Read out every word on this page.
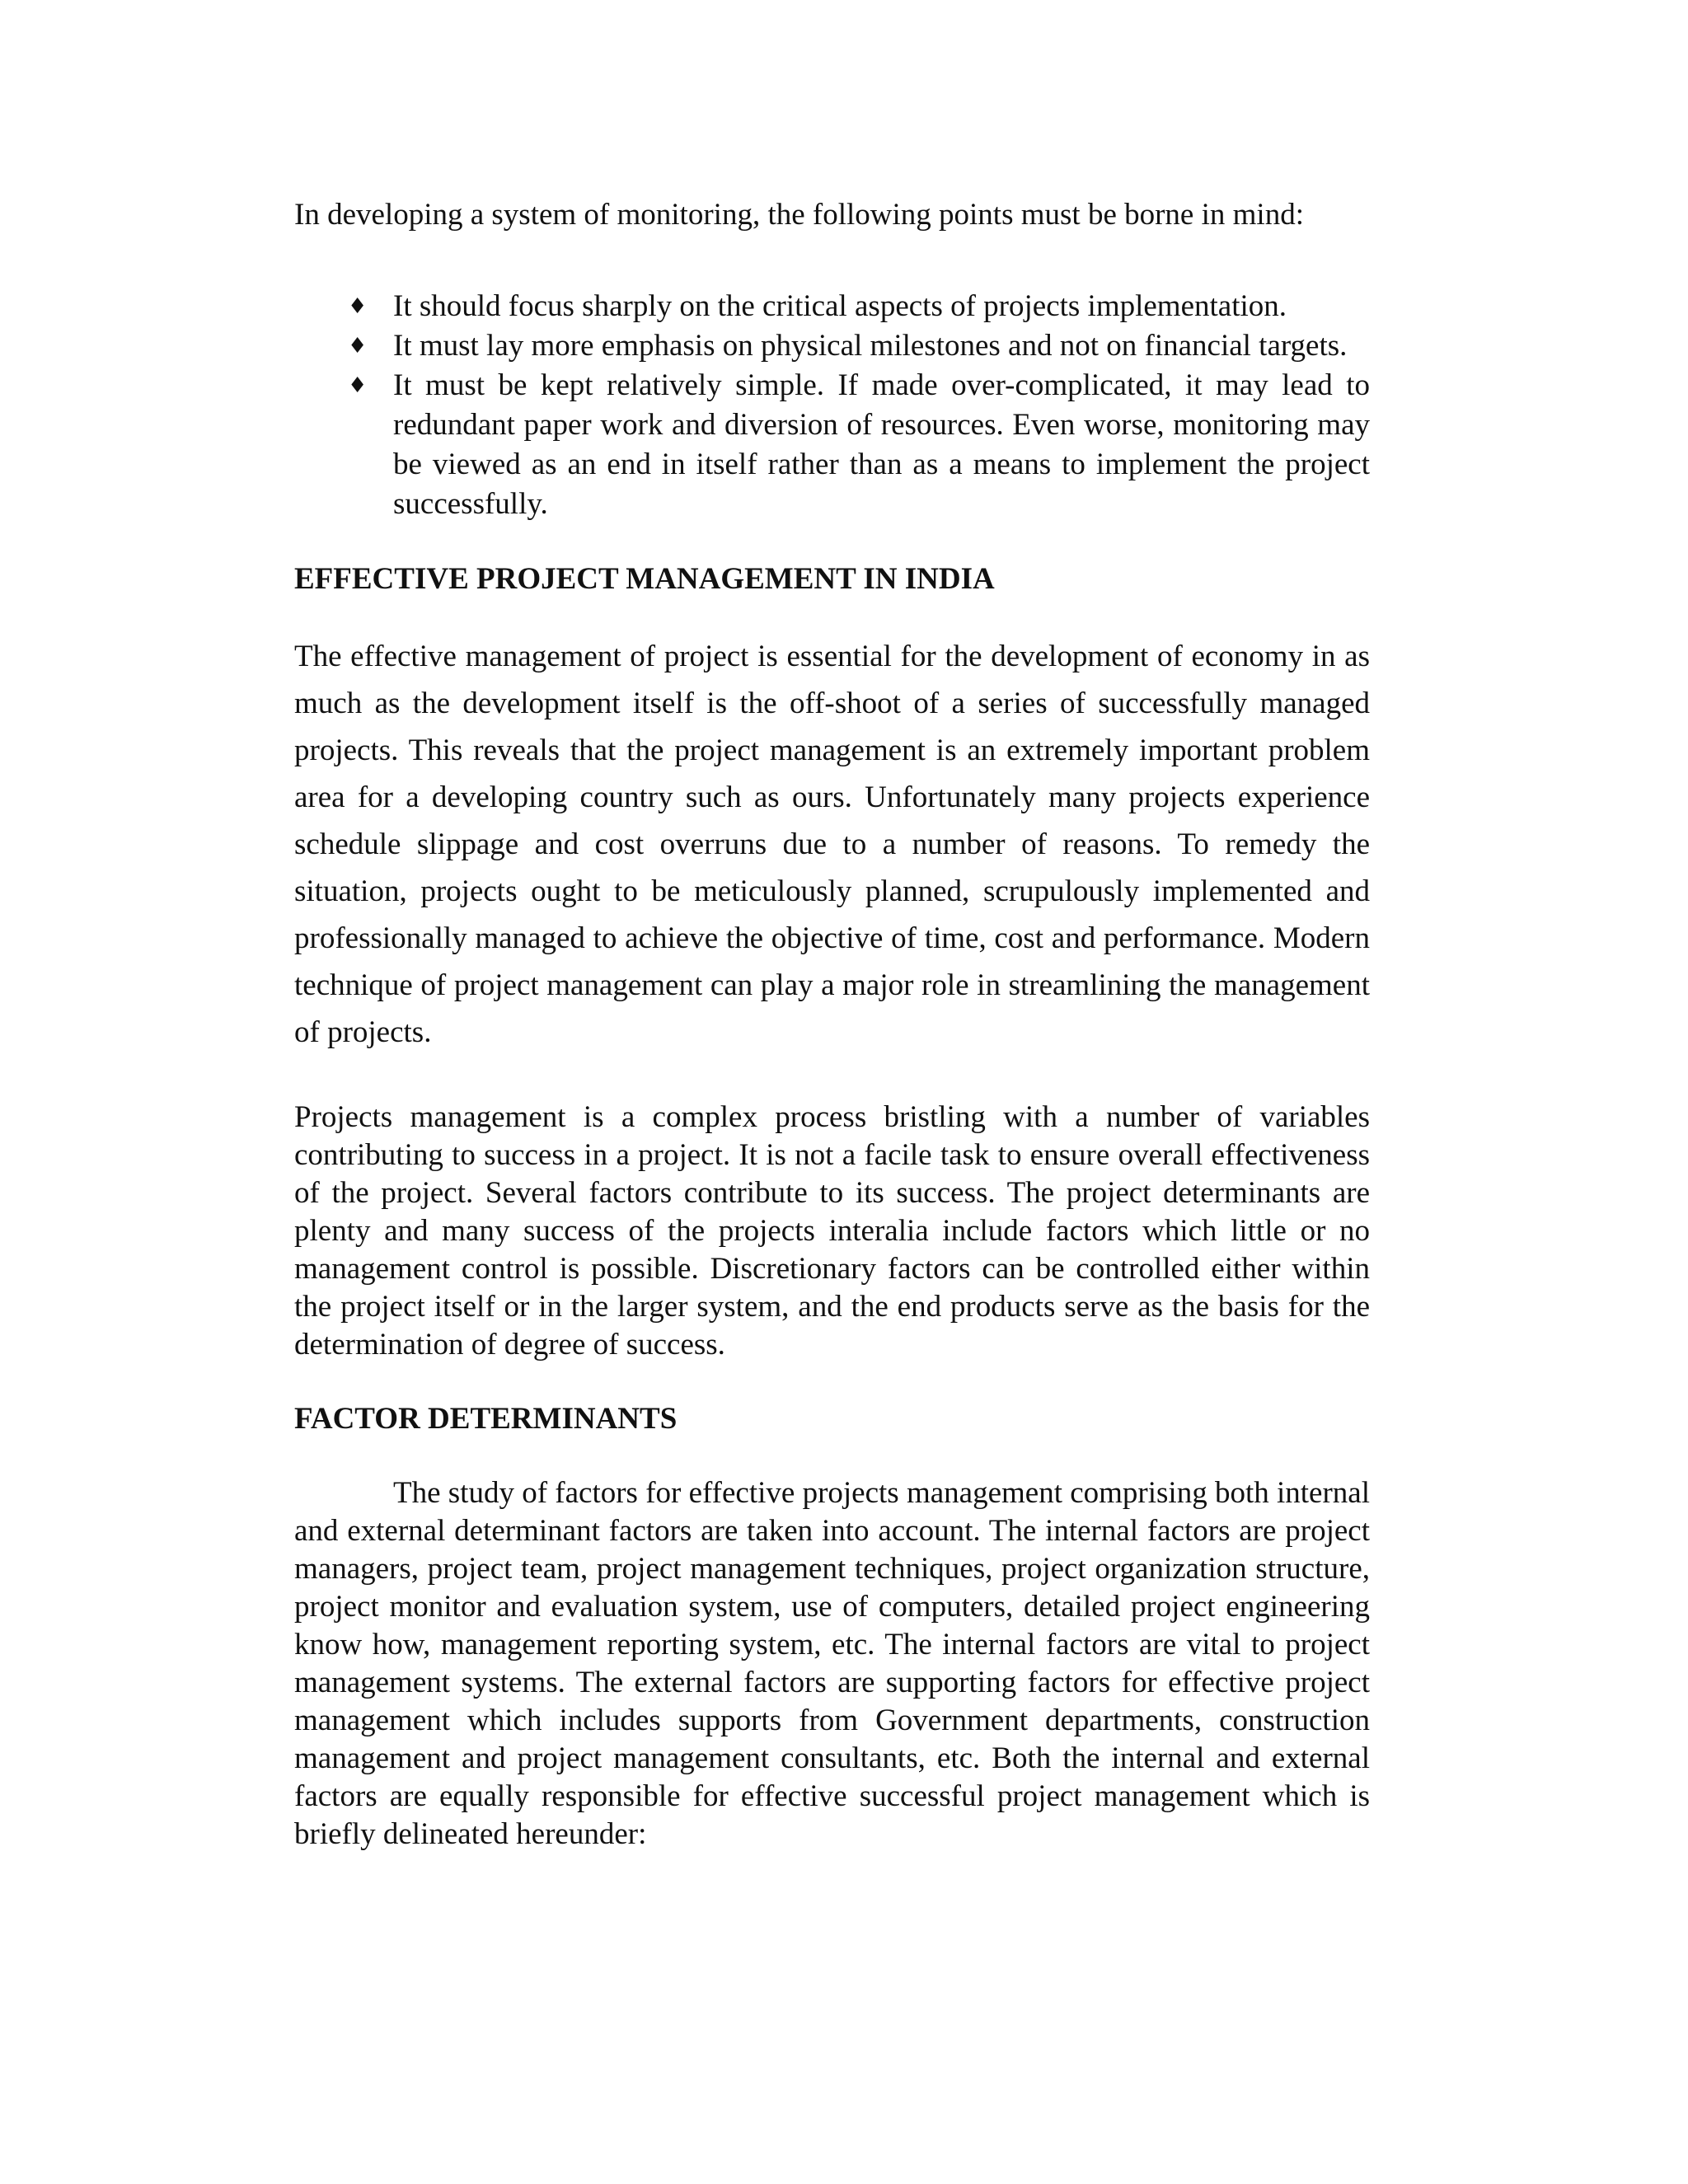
In developing a system of monitoring, the following points must be borne in mind:

♦ It should focus sharply on the critical aspects of projects implementation.
♦ It must lay more emphasis on physical milestones and not on financial targets.
♦ It must be kept relatively simple. If made over-complicated, it may lead to redundant paper work and diversion of resources. Even worse, monitoring may be viewed as an end in itself rather than as a means to implement the project successfully.
EFFECTIVE PROJECT MANAGEMENT IN INDIA

The effective management of project is essential for the development of economy in as much as the development itself is the off-shoot of a series of successfully managed projects. This reveals that the project management is an extremely important problem area for a developing country such as ours. Unfortunately many projects experience schedule slippage and cost overruns due to a number of reasons. To remedy the situation, projects ought to be meticulously planned, scrupulously implemented and professionally managed to achieve the objective of time, cost and performance. Modern technique of project management can play a major role in streamlining the management of projects.

Projects management is a complex process bristling with a number of variables contributing to success in a project. It is not a facile task to ensure overall effectiveness of the project. Several factors contribute to its success. The project determinants are plenty and many success of the projects interalia include factors which little or no management control is possible. Discretionary factors can be controlled either within the project itself or in the larger system, and the end products serve as the basis for the determination of degree of success.

FACTOR DETERMINANTS

The study of factors for effective projects management comprising both internal and external determinant factors are taken into account. The internal factors are project managers, project team, project management techniques, project organization structure, project monitor and evaluation system, use of computers, detailed project engineering know how, management reporting system, etc. The internal factors are vital to project management systems. The external factors are supporting factors for effective project management which includes supports from Government departments, construction management and project management consultants, etc. Both the internal and external factors are equally responsible for effective successful project management which is briefly delineated hereunder:
